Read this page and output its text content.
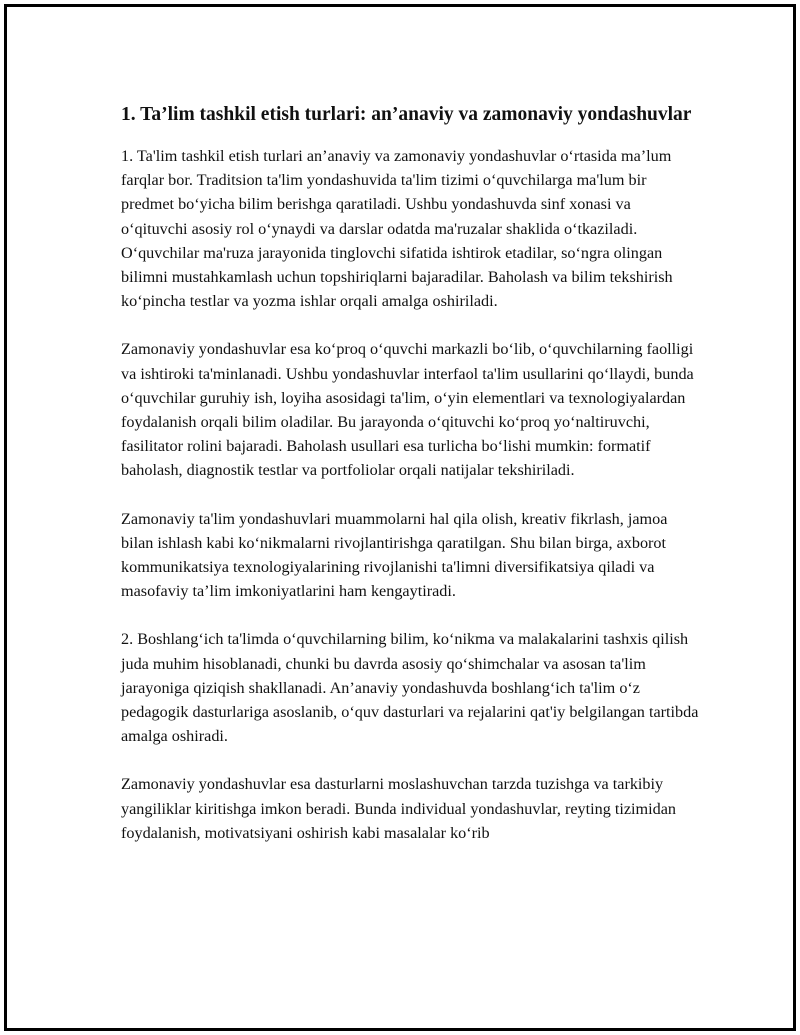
1. Ta’lim tashkil etish turlari: an’anaviy va zamonaviy yondashuvlar

1. Ta'lim tashkil etish turlari an’anaviy va zamonaviy yondashuvlar o‘rtasida ma’lum farqlar bor. Traditsion ta'lim yondashuvida ta'lim tizimi o‘quvchilarga ma'lum bir predmet bo‘yicha bilim berishga qaratiladi. Ushbu yondashuvda sinf xonasi va o‘qituvchi asosiy rol o‘ynaydi va darslar odatda ma'ruzalar shaklida o‘tkaziladi. O‘quvchilar ma'ruza jarayonida tinglovchi sifatida ishtirok etadilar, so‘ngra olingan bilimni mustahkamlash uchun topshiriqlarni bajaradilar. Baholash va bilim tekshirish ko‘pincha testlar va yozma ishlar orqali amalga oshiriladi.

Zamonaviy yondashuvlar esa ko‘proq o‘quvchi markazli bo‘lib, o‘quvchilarning faolligi va ishtiroki ta'minlanadi. Ushbu yondashuvlar interfaol ta'lim usullarini qo‘llaydi, bunda o‘quvchilar guruhiy ish, loyiha asosidagi ta'lim, o‘yin elementlari va texnologiyalardan foydalanish orqali bilim oladilar. Bu jarayonda o‘qituvchi ko‘proq yo‘naltiruvchi, fasilitator rolini bajaradi. Baholash usullari esa turlicha bo‘lishi mumkin: formatif baholash, diagnostik testlar va portfoliolar orqali natijalar tekshiriladi.

Zamonaviy ta'lim yondashuvlari muammolarni hal qila olish, kreativ fikrlash, jamoa bilan ishlash kabi ko‘nikmalarni rivojlantirishga qaratilgan. Shu bilan birga, axborot kommunikatsiya texnologiyalarining rivojlanishi ta'limni diversifikatsiya qiladi va masofaviy ta’lim imkoniyatlarini ham kengaytiradi.

2. Boshlang‘ich ta'limda o‘quvchilarning bilim, ko‘nikma va malakalarini tashxis qilish juda muhim hisoblanadi, chunki bu davrda asosiy qo‘shimchalar va asosan ta'lim jarayoniga qiziqish shakllanadi. An’anaviy yondashuvda boshlang‘ich ta'lim o‘z pedagogik dasturlariga asoslanib, o‘quv dasturlari va rejalarini qat'iy belgilangan tartibda amalga oshiradi.

Zamonaviy yondashuvlar esa dasturlarni moslashuvchan tarzda tuzishga va tarkibiy yangiliklar kiritishga imkon beradi. Bunda individual yondashuvlar, reyting tizimidan foydalanish, motivatsiyani oshirish kabi masalalar ko‘rib
